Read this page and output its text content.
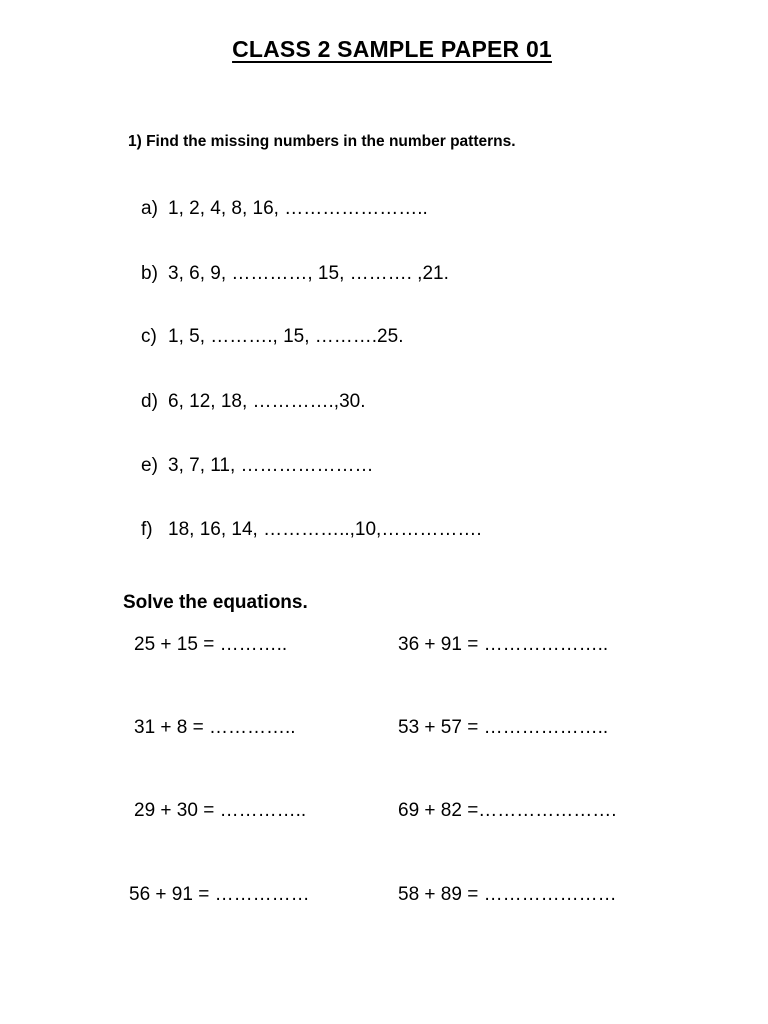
CLASS 2 SAMPLE PAPER 01
1) Find the missing numbers in the number patterns.
a) 1, 2, 4, 8, 16, …………………..
b) 3, 6, 9, …………, 15, ………. ,21.
c) 1, 5, ………., 15, ……….25.
d) 6, 12, 18, ………….,30.
e) 3, 7, 11, …………………
f) 18, 16, 14, …………..,10,…………….
Solve the equations.
25 + 15 = ………..
31 + 8 = …………..
29 + 30 = …………..
56 + 91 = ……………
36 + 91 = ………………..
53 + 57 = ………………..
69 + 82 =………………….
58 + 89 = …………………
